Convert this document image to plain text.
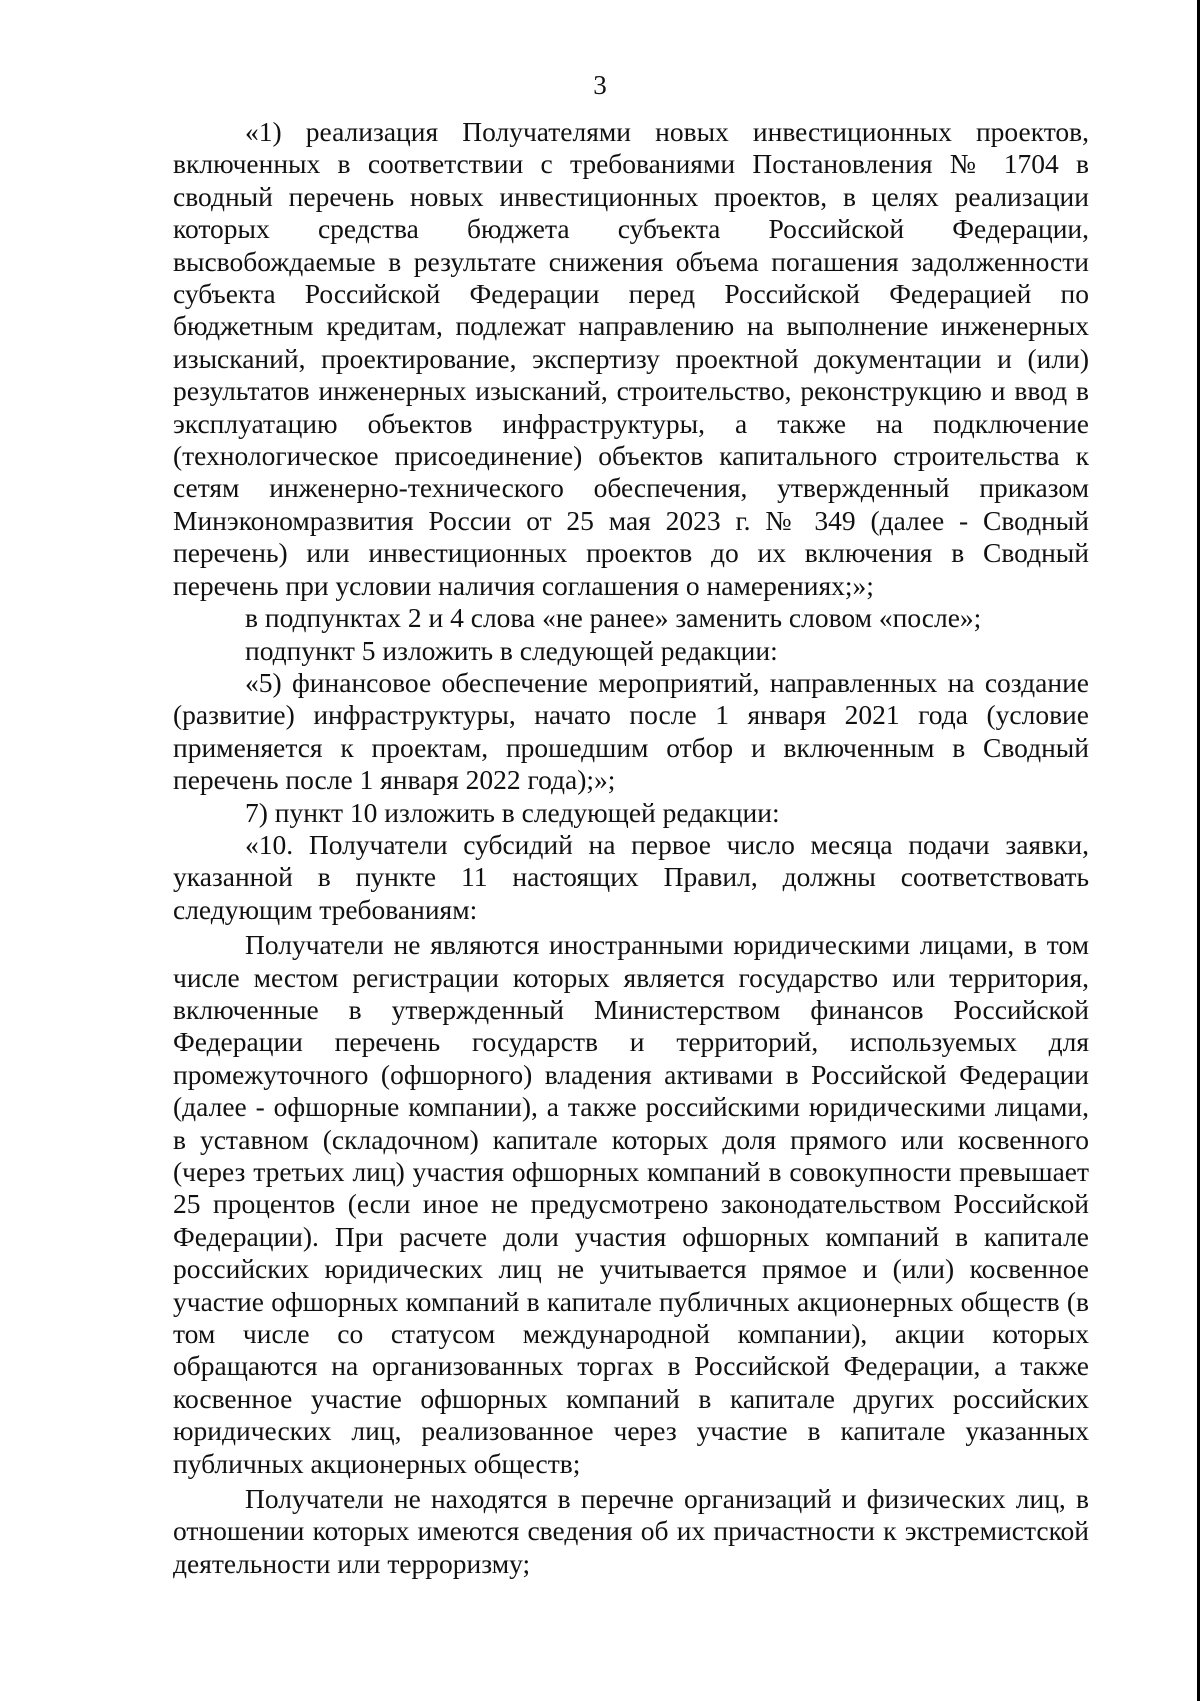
3

«1) реализация Получателями новых инвестиционных проектов, включенных в соответствии с требованиями Постановления № 1704 в сводный перечень новых инвестиционных проектов, в целях реализации которых средства бюджета субъекта Российской Федерации, высвобождаемые в результате снижения объема погашения задолженности субъекта Российской Федерации перед Российской Федерацией по бюджетным кредитам, подлежат направлению на выполнение инженерных изысканий, проектирование, экспертизу проектной документации и (или) результатов инженерных изысканий, строительство, реконструкцию и ввод в эксплуатацию объектов инфраструктуры, а также на подключение (технологическое присоединение) объектов капитального строительства к сетям инженерно-технического обеспечения, утвержденный приказом Минэкономразвития России от 25 мая 2023 г. № 349 (далее - Сводный перечень) или инвестиционных проектов до их включения в Сводный перечень при условии наличия соглашения о намерениях;»;

в подпунктах 2 и 4 слова «не ранее» заменить словом «после»;

подпункт 5 изложить в следующей редакции:

«5) финансовое обеспечение мероприятий, направленных на создание (развитие) инфраструктуры, начато после 1 января 2021 года (условие применяется к проектам, прошедшим отбор и включенным в Сводный перечень после 1 января 2022 года);»;

7) пункт 10 изложить в следующей редакции:

«10. Получатели субсидий на первое число месяца подачи заявки, указанной в пункте 11 настоящих Правил, должны соответствовать следующим требованиям:

Получатели не являются иностранными юридическими лицами, в том числе местом регистрации которых является государство или территория, включенные в утвержденный Министерством финансов Российской Федерации перечень государств и территорий, используемых для промежуточного (офшорного) владения активами в Российской Федерации (далее - офшорные компании), а также российскими юридическими лицами, в уставном (складочном) капитале которых доля прямого или косвенного (через третьих лиц) участия офшорных компаний в совокупности превышает 25 процентов (если иное не предусмотрено законодательством Российской Федерации). При расчете доли участия офшорных компаний в капитале российских юридических лиц не учитывается прямое и (или) косвенное участие офшорных компаний в капитале публичных акционерных обществ (в том числе со статусом международной компании), акции которых обращаются на организованных торгах в Российской Федерации, а также косвенное участие офшорных компаний в капитале других российских юридических лиц, реализованное через участие в капитале указанных публичных акционерных обществ;

Получатели не находятся в перечне организаций и физических лиц, в отношении которых имеются сведения об их причастности к экстремистской деятельности или терроризму;
